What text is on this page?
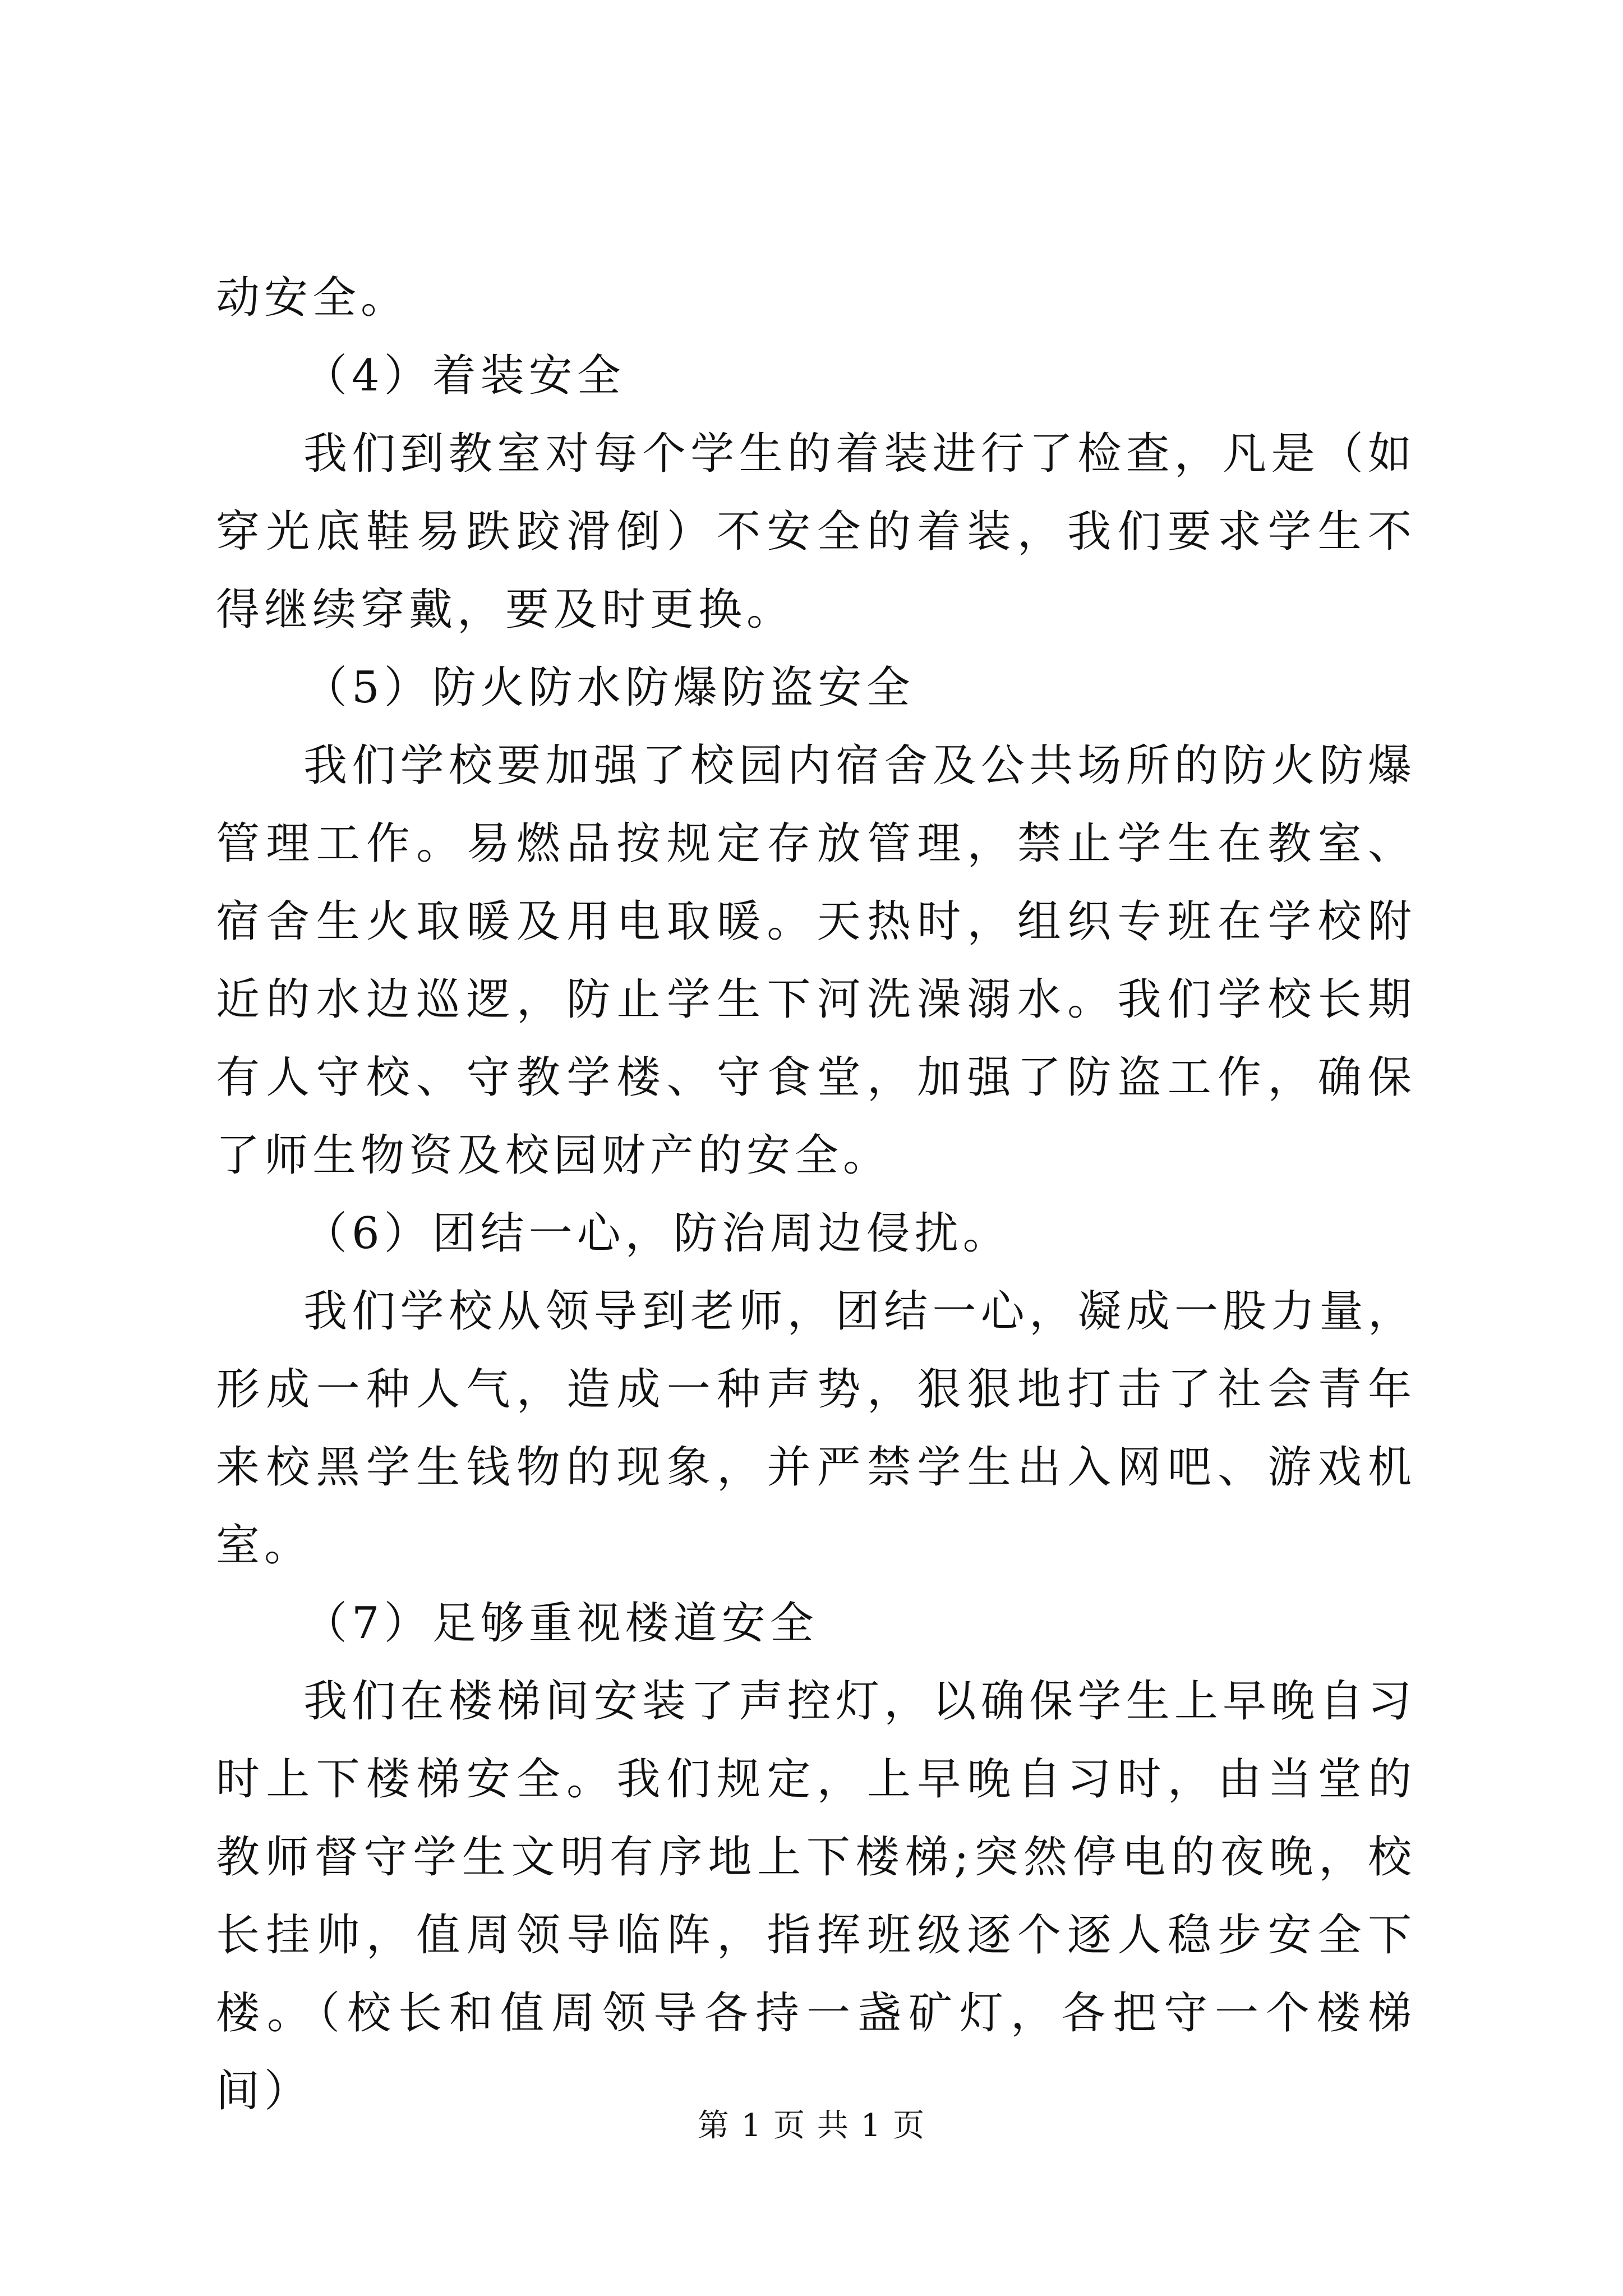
动安全。

（4）着装安全

我们到教室对每个学生的着装进行了检查，凡是（如穿光底鞋易跌跤滑倒）不安全的着装，我们要求学生不得继续穿戴，要及时更换。

（5）防火防水防爆防盗安全

我们学校要加强了校园内宿舍及公共场所的防火防爆管理工作。易燃品按规定存放管理，禁止学生在教室、宿舍生火取暖及用电取暖。天热时，组织专班在学校附近的水边巡逻，防止学生下河洗澡溺水。我们学校长期有人守校、守教学楼、守食堂，加强了防盗工作，确保了师生物资及校园财产的安全。

（6）团结一心，防治周边侵扰。

我们学校从领导到老师，团结一心，凝成一股力量，形成一种人气，造成一种声势，狠狠地打击了社会青年来校黑学生钱物的现象，并严禁学生出入网吧、游戏机室。

（7）足够重视楼道安全

我们在楼梯间安装了声控灯，以确保学生上早晚自习时上下楼梯安全。我们规定，上早晚自习时，由当堂的教师督守学生文明有序地上下楼梯;突然停电的夜晚，校长挂帅，值周领导临阵，指挥班级逐个逐人稳步安全下楼。（校长和值周领导各持一盏矿灯，各把守一个楼梯间）

第 1 页 共 1 页
